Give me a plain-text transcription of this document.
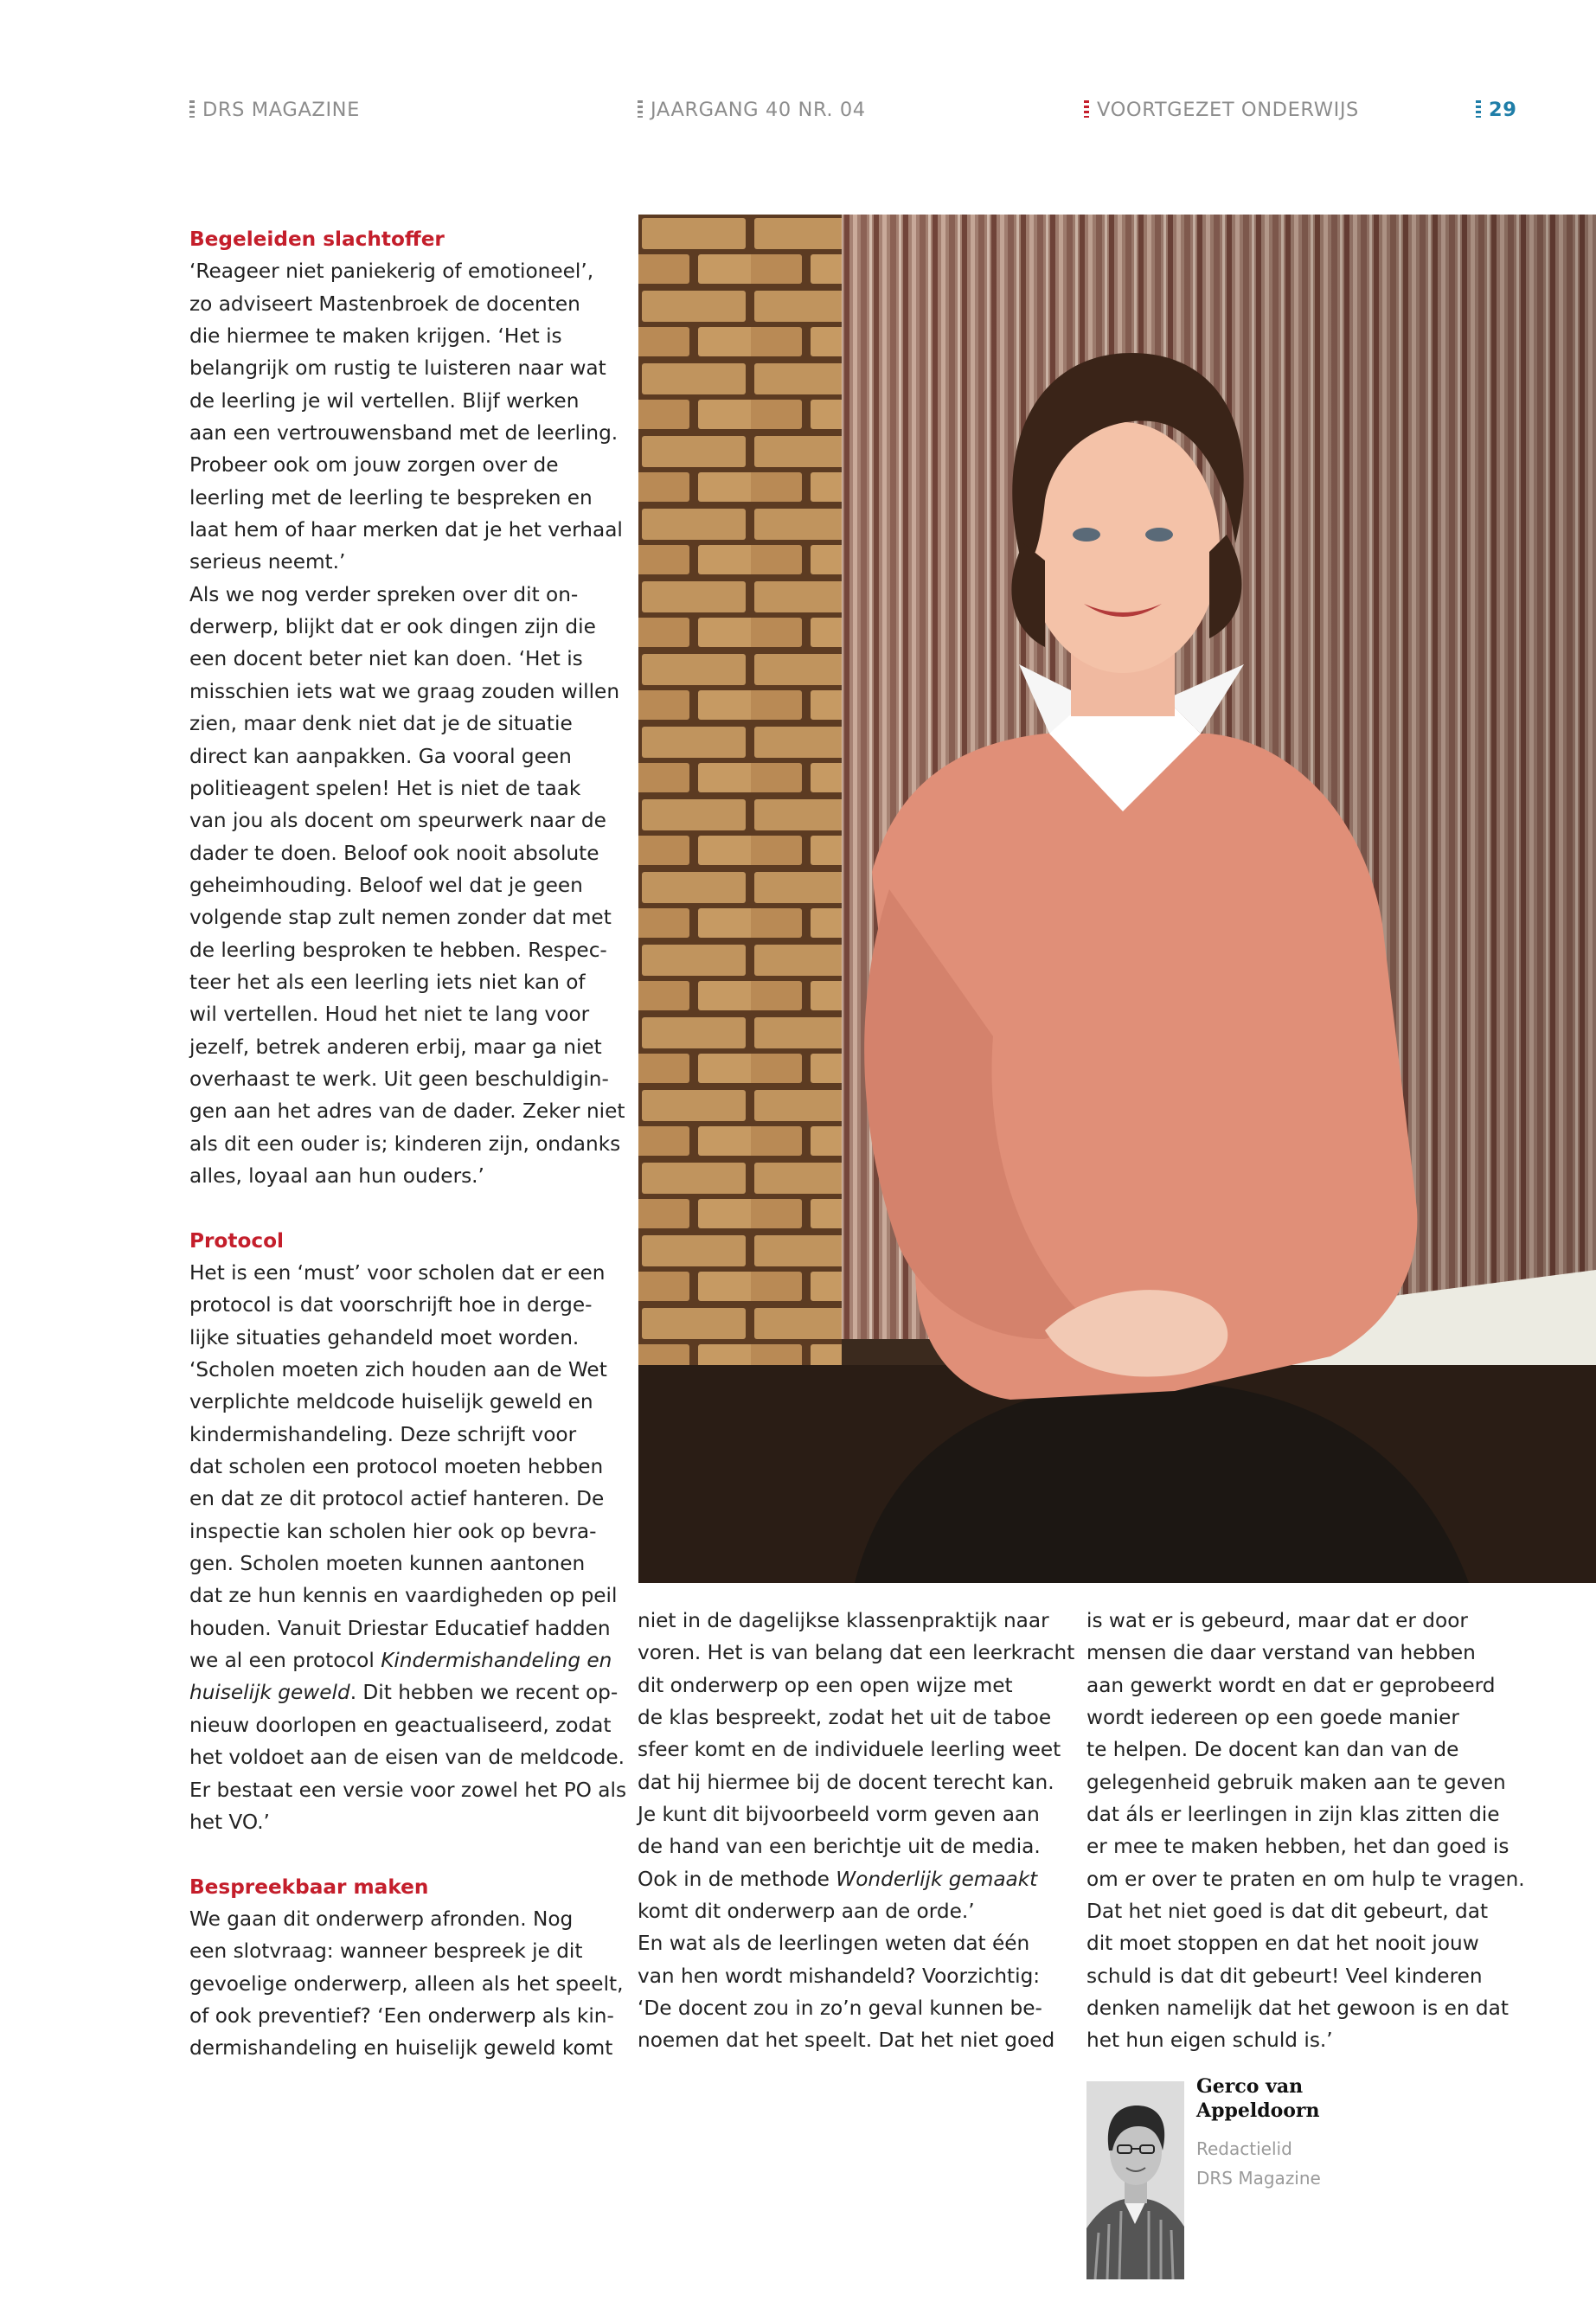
DRS MAGAZINE	JAARGANG 40 NR. 04	VOORTGEZET ONDERWIJS	29
Begeleiden slachtoffer
‘Reageer niet paniekerig of emotioneel’,
zo adviseert Mastenbroek de docenten
die hiermee te maken krijgen. ‘Het is
belangrijk om rustig te luisteren naar wat
de leerling je wil vertellen. Blijf werken
aan een vertrouwensband met de leerling.
Probeer ook om jouw zorgen over de
leerling met de leerling te bespreken en
laat hem of haar merken dat je het verhaal
serieus neemt.’
Als we nog verder spreken over dit on-
derwerp, blijkt dat er ook dingen zijn die
een docent beter niet kan doen. ‘Het is
misschien iets wat we graag zouden willen
zien, maar denk niet dat je de situatie
direct kan aanpakken. Ga vooral geen
politieagent spelen! Het is niet de taak
van jou als docent om speurwerk naar de
dader te doen. Beloof ook nooit absolute
geheimhouding. Beloof wel dat je geen
volgende stap zult nemen zonder dat met
de leerling besproken te hebben. Respec-
teer het als een leerling iets niet kan of
wil vertellen. Houd het niet te lang voor
jezelf, betrek anderen erbij, maar ga niet
overhaast te werk. Uit geen beschuldigin-
gen aan het adres van de dader. Zeker niet
als dit een ouder is; kinderen zijn, ondanks
alles, loyaal aan hun ouders.’
Protocol
Het is een ‘must’ voor scholen dat er een
protocol is dat voorschrijft hoe in derge-
lijke situaties gehandeld moet worden.
‘Scholen moeten zich houden aan de Wet
verplichte meldcode huiselijk geweld en
kindermishandeling. Deze schrijft voor
dat scholen een protocol moeten hebben
en dat ze dit protocol actief hanteren. De
inspectie kan scholen hier ook op bevra-
gen. Scholen moeten kunnen aantonen
dat ze hun kennis en vaardigheden op peil
houden. Vanuit Driestar Educatief hadden
we al een protocol Kindermishandeling en
huiselijk geweld. Dit hebben we recent op-
nieuw doorlopen en geactualiseerd, zodat
het voldoet aan de eisen van de meldcode.
Er bestaat een versie voor zowel het PO als
het VO.’
Bespreekbaar maken
We gaan dit onderwerp afronden. Nog
een slotvraag: wanneer bespreek je dit
gevoelige onderwerp, alleen als het speelt,
of ook preventief? ‘Een onderwerp als kin-
dermishandeling en huiselijk geweld komt
niet in de dagelijkse klassenpraktijk naar
voren. Het is van belang dat een leerkracht
dit onderwerp op een open wijze met
de klas bespreekt, zodat het uit de taboe
sfeer komt en de individuele leerling weet
dat hij hiermee bij de docent terecht kan.
Je kunt dit bijvoorbeeld vorm geven aan
de hand van een berichtje uit de media.
Ook in de methode Wonderlijk gemaakt
komt dit onderwerp aan de orde.’
En wat als de leerlingen weten dat één
van hen wordt mishandeld? Voorzichtig:
‘De docent zou in zo’n geval kunnen be-
noemen dat het speelt. Dat het niet goed
is wat er is gebeurd, maar dat er door
mensen die daar verstand van hebben
aan gewerkt wordt en dat er geprobeerd
wordt iedereen op een goede manier
te helpen. De docent kan dan van de
gelegenheid gebruik maken aan te geven
dat áls er leerlingen in zijn klas zitten die
er mee te maken hebben, het dan goed is
om er over te praten en om hulp te vragen.
Dat het niet goed is dat dit gebeurt, dat
dit moet stoppen en dat het nooit jouw
schuld is dat dit gebeurt! Veel kinderen
denken namelijk dat het gewoon is en dat
het hun eigen schuld is.’
Gerco van
Appeldoorn
Redactielid
DRS Magazine
